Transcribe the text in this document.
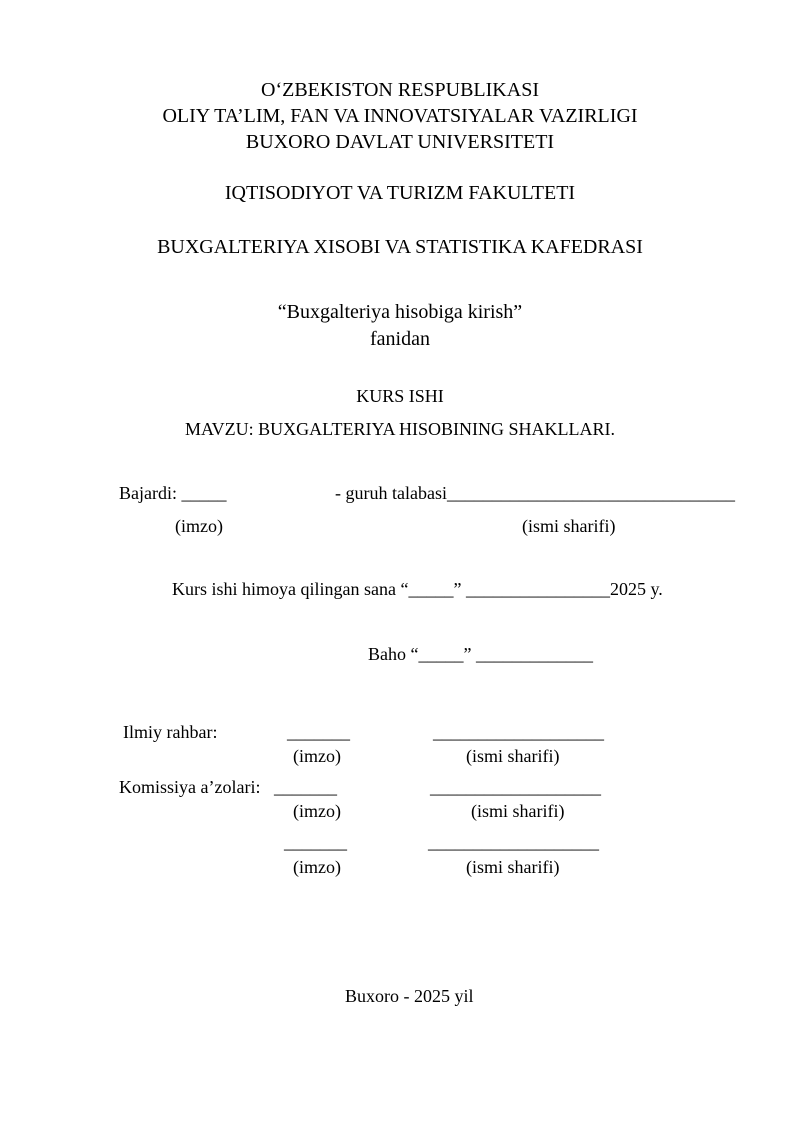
O‘ZBEKISTON RESPUBLIKASI
OLIY TA’LIM, FAN VA INNOVATSIYALAR VAZIRLIGI
BUXORO DAVLAT UNIVERSITETI
IQTISODIYOT VA TURIZM FAKULTETI
BUXGALTERIYA XISOBI VA STATISTIKA KAFEDRASI
“Buxgalteriya hisobiga kirish”
fanidan
KURS ISHI
MAVZU: BUXGALTERIYA HISOBINING SHAKLLARI.
Bajardi: _____	- guruh talabasi________________________________
(imzo)	(ismi sharifi)
Kurs ishi himoya qilingan sana “_____” ________________2025 y.
Baho “_____” _____________
Ilmiy rahbar:	_______	___________________
(imzo)	(ismi sharifi)
Komissiya a’zolari: _______	___________________
(imzo)	(ismi sharifi)
_______	___________________
(imzo)	(ismi sharifi)
Buxoro - 2025 yil
